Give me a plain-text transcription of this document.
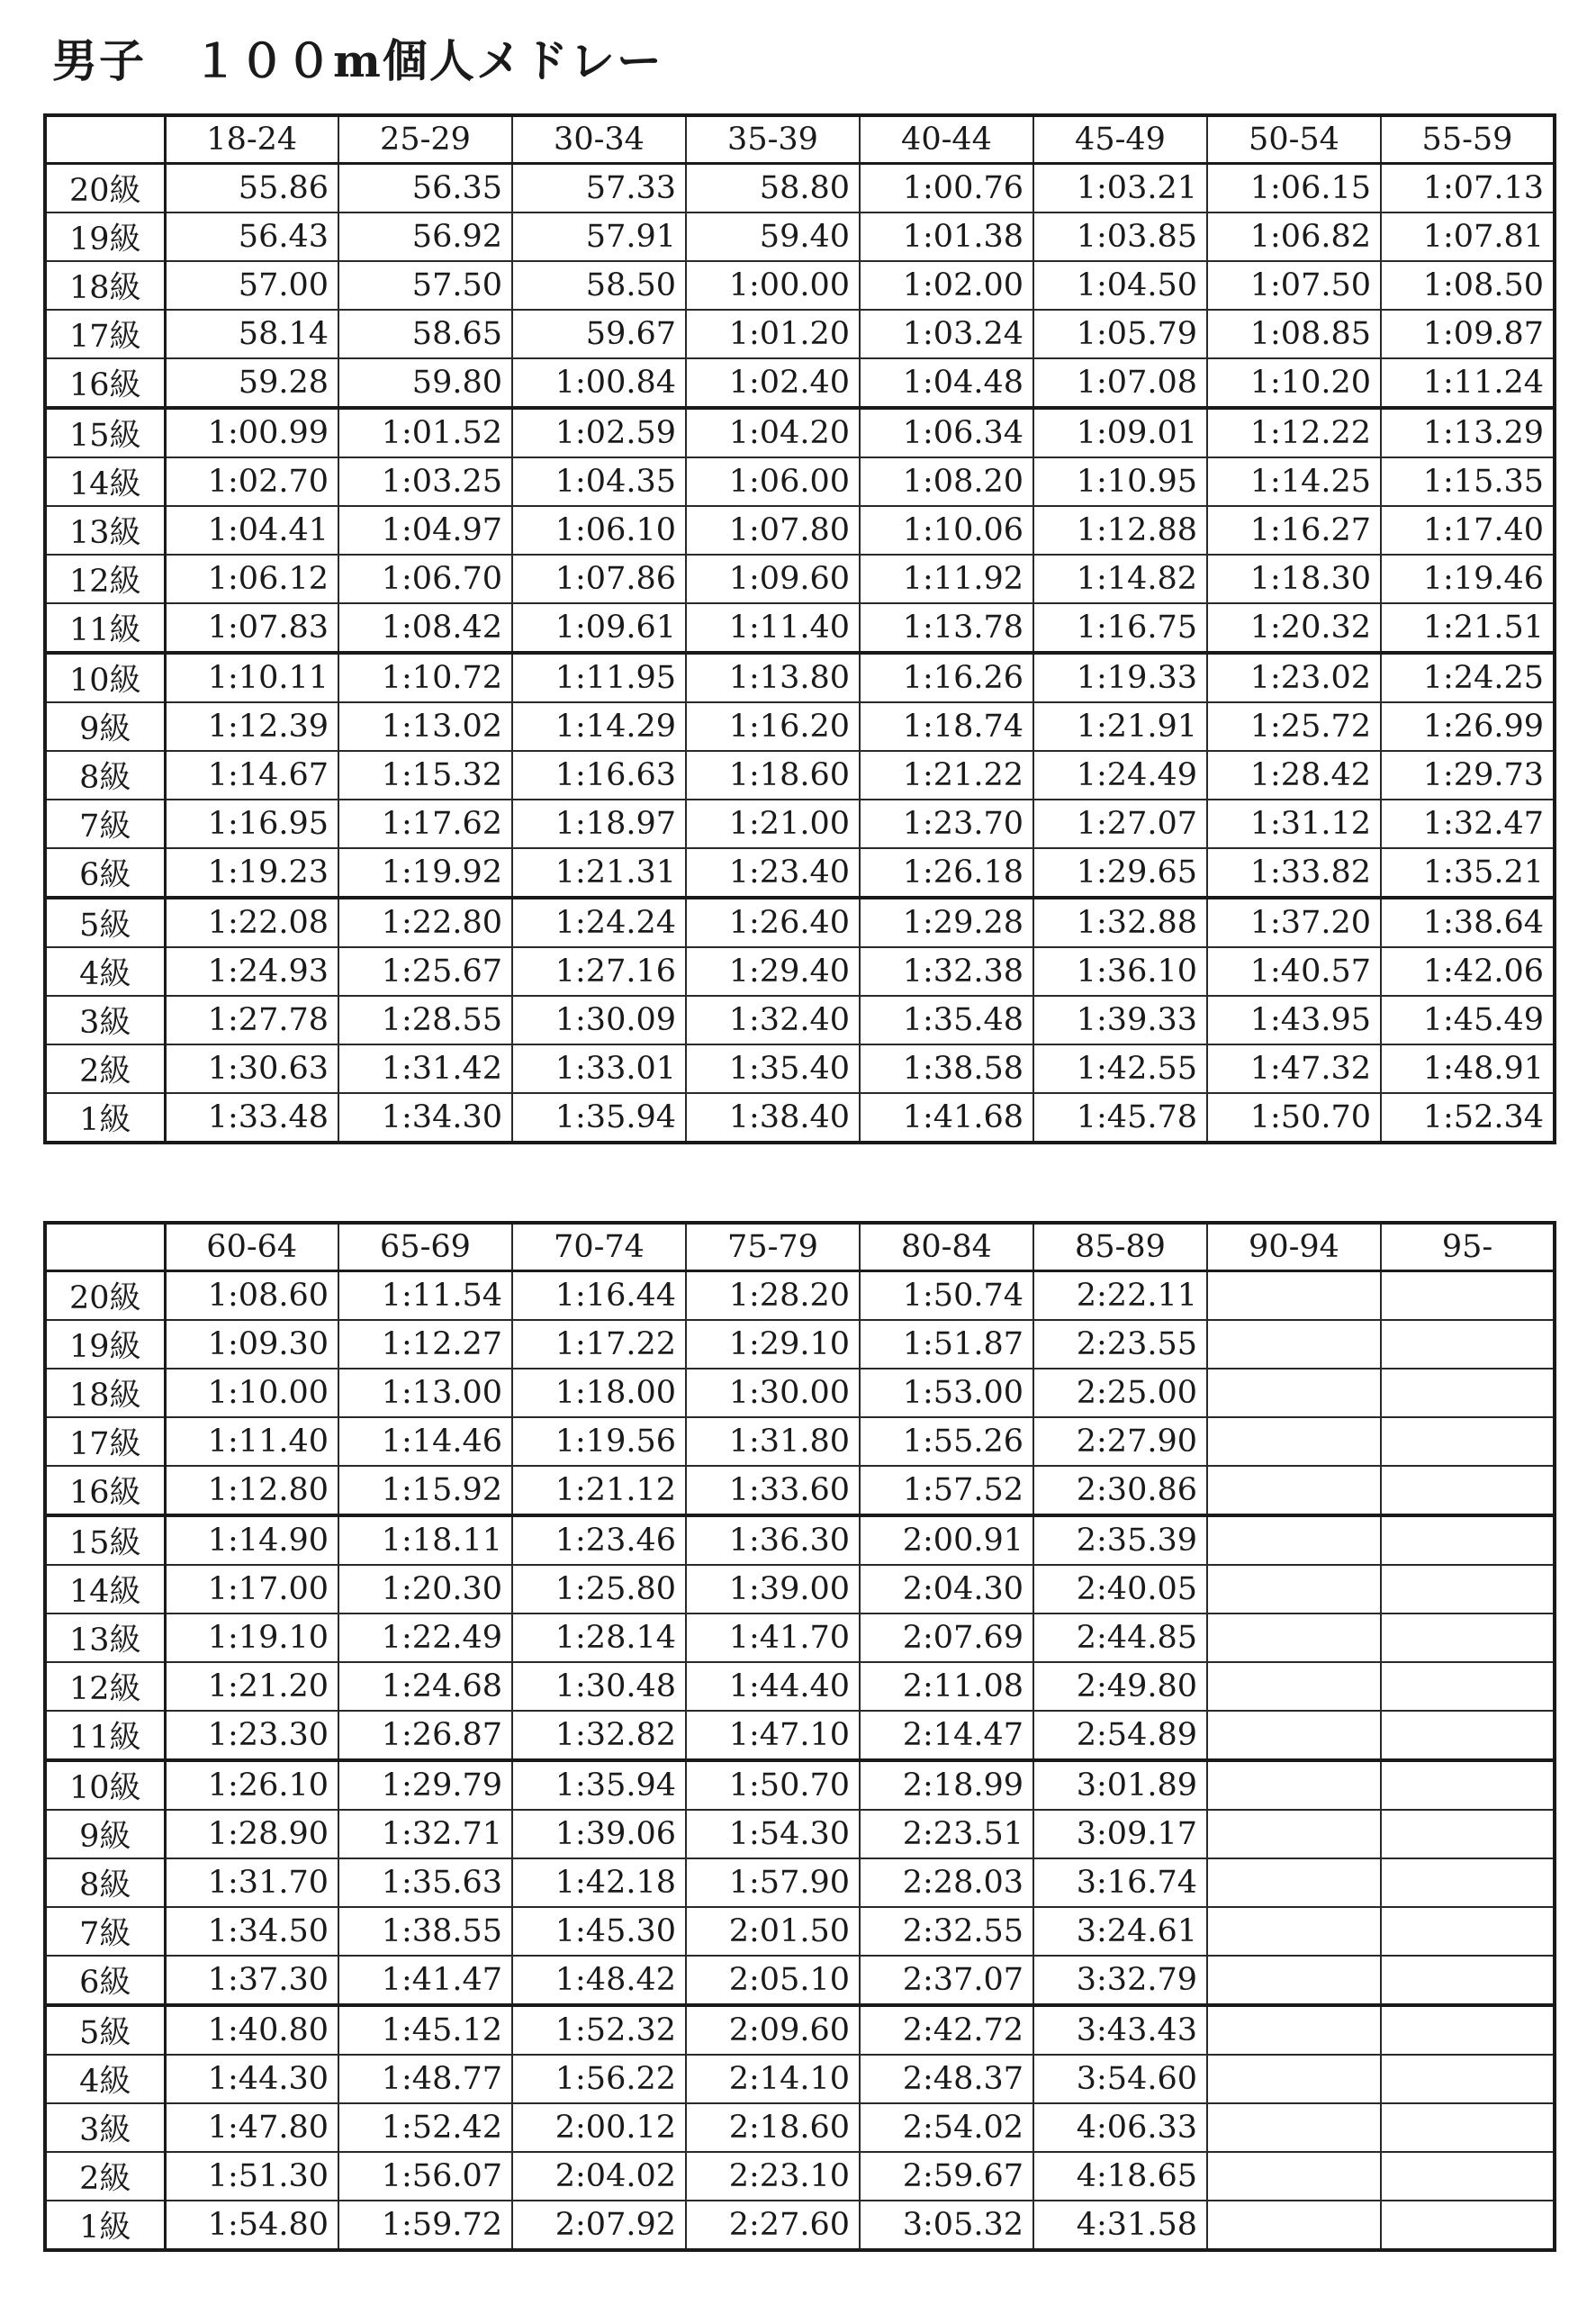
男子　１００m個人メドレー
	18-24	25-29	30-34	35-39	40-44	45-49	50-54	55-59
20級	55.86	56.35	57.33	58.80	1:00.76	1:03.21	1:06.15	1:07.13
19級	56.43	56.92	57.91	59.40	1:01.38	1:03.85	1:06.82	1:07.81
18級	57.00	57.50	58.50	1:00.00	1:02.00	1:04.50	1:07.50	1:08.50
17級	58.14	58.65	59.67	1:01.20	1:03.24	1:05.79	1:08.85	1:09.87
16級	59.28	59.80	1:00.84	1:02.40	1:04.48	1:07.08	1:10.20	1:11.24
15級	1:00.99	1:01.52	1:02.59	1:04.20	1:06.34	1:09.01	1:12.22	1:13.29
14級	1:02.70	1:03.25	1:04.35	1:06.00	1:08.20	1:10.95	1:14.25	1:15.35
13級	1:04.41	1:04.97	1:06.10	1:07.80	1:10.06	1:12.88	1:16.27	1:17.40
12級	1:06.12	1:06.70	1:07.86	1:09.60	1:11.92	1:14.82	1:18.30	1:19.46
11級	1:07.83	1:08.42	1:09.61	1:11.40	1:13.78	1:16.75	1:20.32	1:21.51
10級	1:10.11	1:10.72	1:11.95	1:13.80	1:16.26	1:19.33	1:23.02	1:24.25
9級	1:12.39	1:13.02	1:14.29	1:16.20	1:18.74	1:21.91	1:25.72	1:26.99
8級	1:14.67	1:15.32	1:16.63	1:18.60	1:21.22	1:24.49	1:28.42	1:29.73
7級	1:16.95	1:17.62	1:18.97	1:21.00	1:23.70	1:27.07	1:31.12	1:32.47
6級	1:19.23	1:19.92	1:21.31	1:23.40	1:26.18	1:29.65	1:33.82	1:35.21
5級	1:22.08	1:22.80	1:24.24	1:26.40	1:29.28	1:32.88	1:37.20	1:38.64
4級	1:24.93	1:25.67	1:27.16	1:29.40	1:32.38	1:36.10	1:40.57	1:42.06
3級	1:27.78	1:28.55	1:30.09	1:32.40	1:35.48	1:39.33	1:43.95	1:45.49
2級	1:30.63	1:31.42	1:33.01	1:35.40	1:38.58	1:42.55	1:47.32	1:48.91
1級	1:33.48	1:34.30	1:35.94	1:38.40	1:41.68	1:45.78	1:50.70	1:52.34
	60-64	65-69	70-74	75-79	80-84	85-89	90-94	95-
20級	1:08.60	1:11.54	1:16.44	1:28.20	1:50.74	2:22.11		
19級	1:09.30	1:12.27	1:17.22	1:29.10	1:51.87	2:23.55		
18級	1:10.00	1:13.00	1:18.00	1:30.00	1:53.00	2:25.00		
17級	1:11.40	1:14.46	1:19.56	1:31.80	1:55.26	2:27.90		
16級	1:12.80	1:15.92	1:21.12	1:33.60	1:57.52	2:30.86		
15級	1:14.90	1:18.11	1:23.46	1:36.30	2:00.91	2:35.39		
14級	1:17.00	1:20.30	1:25.80	1:39.00	2:04.30	2:40.05		
13級	1:19.10	1:22.49	1:28.14	1:41.70	2:07.69	2:44.85		
12級	1:21.20	1:24.68	1:30.48	1:44.40	2:11.08	2:49.80		
11級	1:23.30	1:26.87	1:32.82	1:47.10	2:14.47	2:54.89		
10級	1:26.10	1:29.79	1:35.94	1:50.70	2:18.99	3:01.89		
9級	1:28.90	1:32.71	1:39.06	1:54.30	2:23.51	3:09.17		
8級	1:31.70	1:35.63	1:42.18	1:57.90	2:28.03	3:16.74		
7級	1:34.50	1:38.55	1:45.30	2:01.50	2:32.55	3:24.61		
6級	1:37.30	1:41.47	1:48.42	2:05.10	2:37.07	3:32.79		
5級	1:40.80	1:45.12	1:52.32	2:09.60	2:42.72	3:43.43		
4級	1:44.30	1:48.77	1:56.22	2:14.10	2:48.37	3:54.60		
3級	1:47.80	1:52.42	2:00.12	2:18.60	2:54.02	4:06.33		
2級	1:51.30	1:56.07	2:04.02	2:23.10	2:59.67	4:18.65		
1級	1:54.80	1:59.72	2:07.92	2:27.60	3:05.32	4:31.58		
